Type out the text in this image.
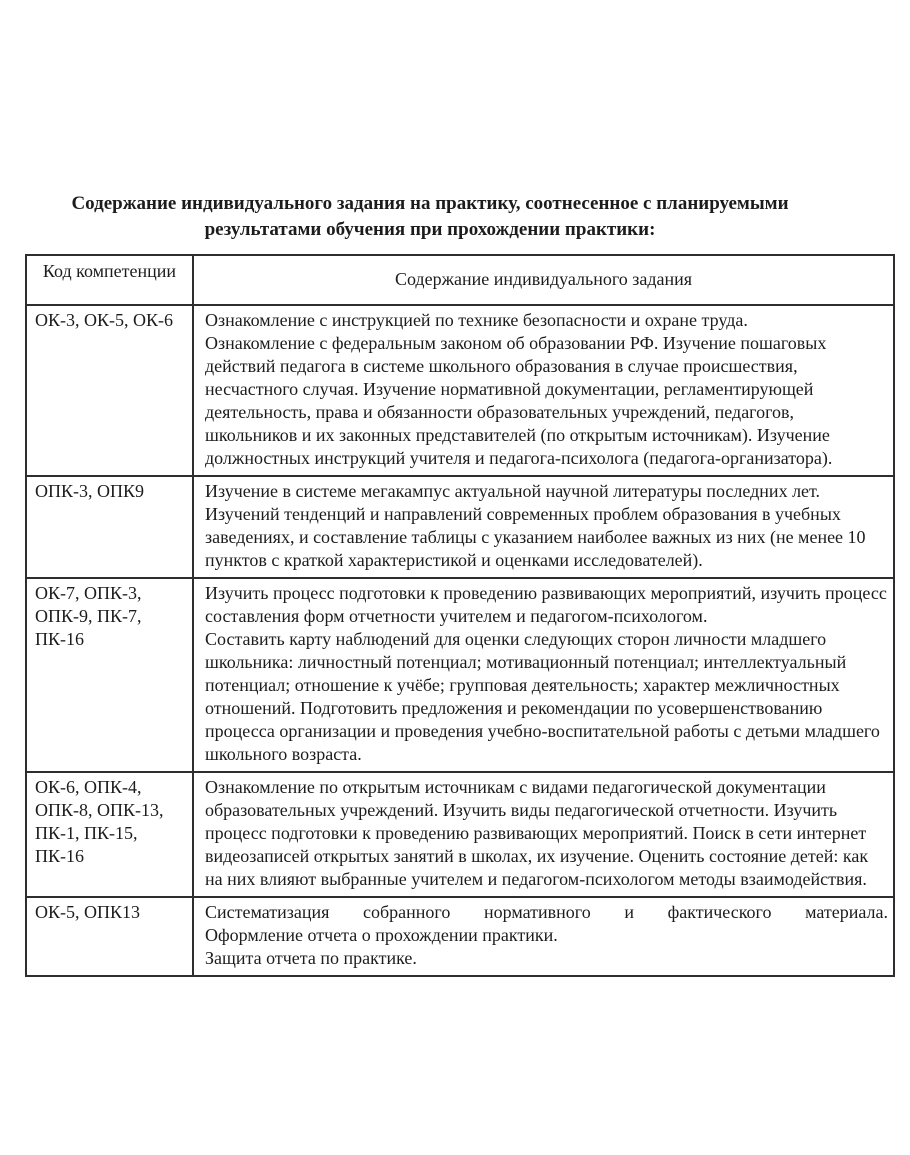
Содержание индивидуального задания на практику, соотнесенное с планируемыми

результатами обучения при прохождении практики:

Код компетенции	Содержание индивидуального задания
ОК-3, ОК-5, ОК-6	Ознакомление с инструкцией по технике безопасности и охране труда.

Ознакомление с федеральным законом об образовании РФ. Изучение пошаговых действий педагога в системе школьного образования в случае происшествия, несчастного случая. Изучение нормативной документации, регламентирующей деятельность, права и обязанности образовательных учреждений, педагогов, школьников и их законных представителей (по открытым источникам). Изучение должностных инструкций учителя и педагога-психолога (педагога-организатора).

ОПК-3, ОПК9	Изучение в системе мегакампус актуальной научной литературы последних лет.

Изучений тенденций и направлений современных проблем образования в учебных заведениях, и составление таблицы с указанием наиболее важных из них (не менее 10 пунктов с краткой характеристикой и оценками исследователей).

ОК-7, ОПК-3, ОПК-9, ПК-7, ПК-16	Изучить процесс подготовки к проведению развивающих мероприятий, изучить процесс составления форм отчетности учителем и педагогом-психологом.

Составить карту наблюдений для оценки следующих сторон личности младшего школьника: личностный потенциал; мотивационный потенциал; интеллектуальный потенциал; отношение к учёбе; групповая деятельность; характер межличностных отношений. Подготовить предложения и рекомендации по усовершенствованию процесса организации и проведения учебно-воспитательной работы с детьми младшего школьного возраста.

ОК-6, ОПК-4, ОПК-8, ОПК-13, ПК-1, ПК-15, ПК-16	Ознакомление по открытым источникам с видами педагогической документации образовательных учреждений. Изучить виды педагогической отчетности. Изучить процесс подготовки к проведению развивающих мероприятий. Поиск в сети интернет видеозаписей открытых занятий в школах, их изучение. Оценить состояние детей: как на них влияют выбранные учителем и педагогом-психологом методы взаимодействия.

ОК-5, ОПК13	Систематизация собранного нормативного и фактического материала.

Оформление отчета о прохождении практики.

Защита отчета по практике.
